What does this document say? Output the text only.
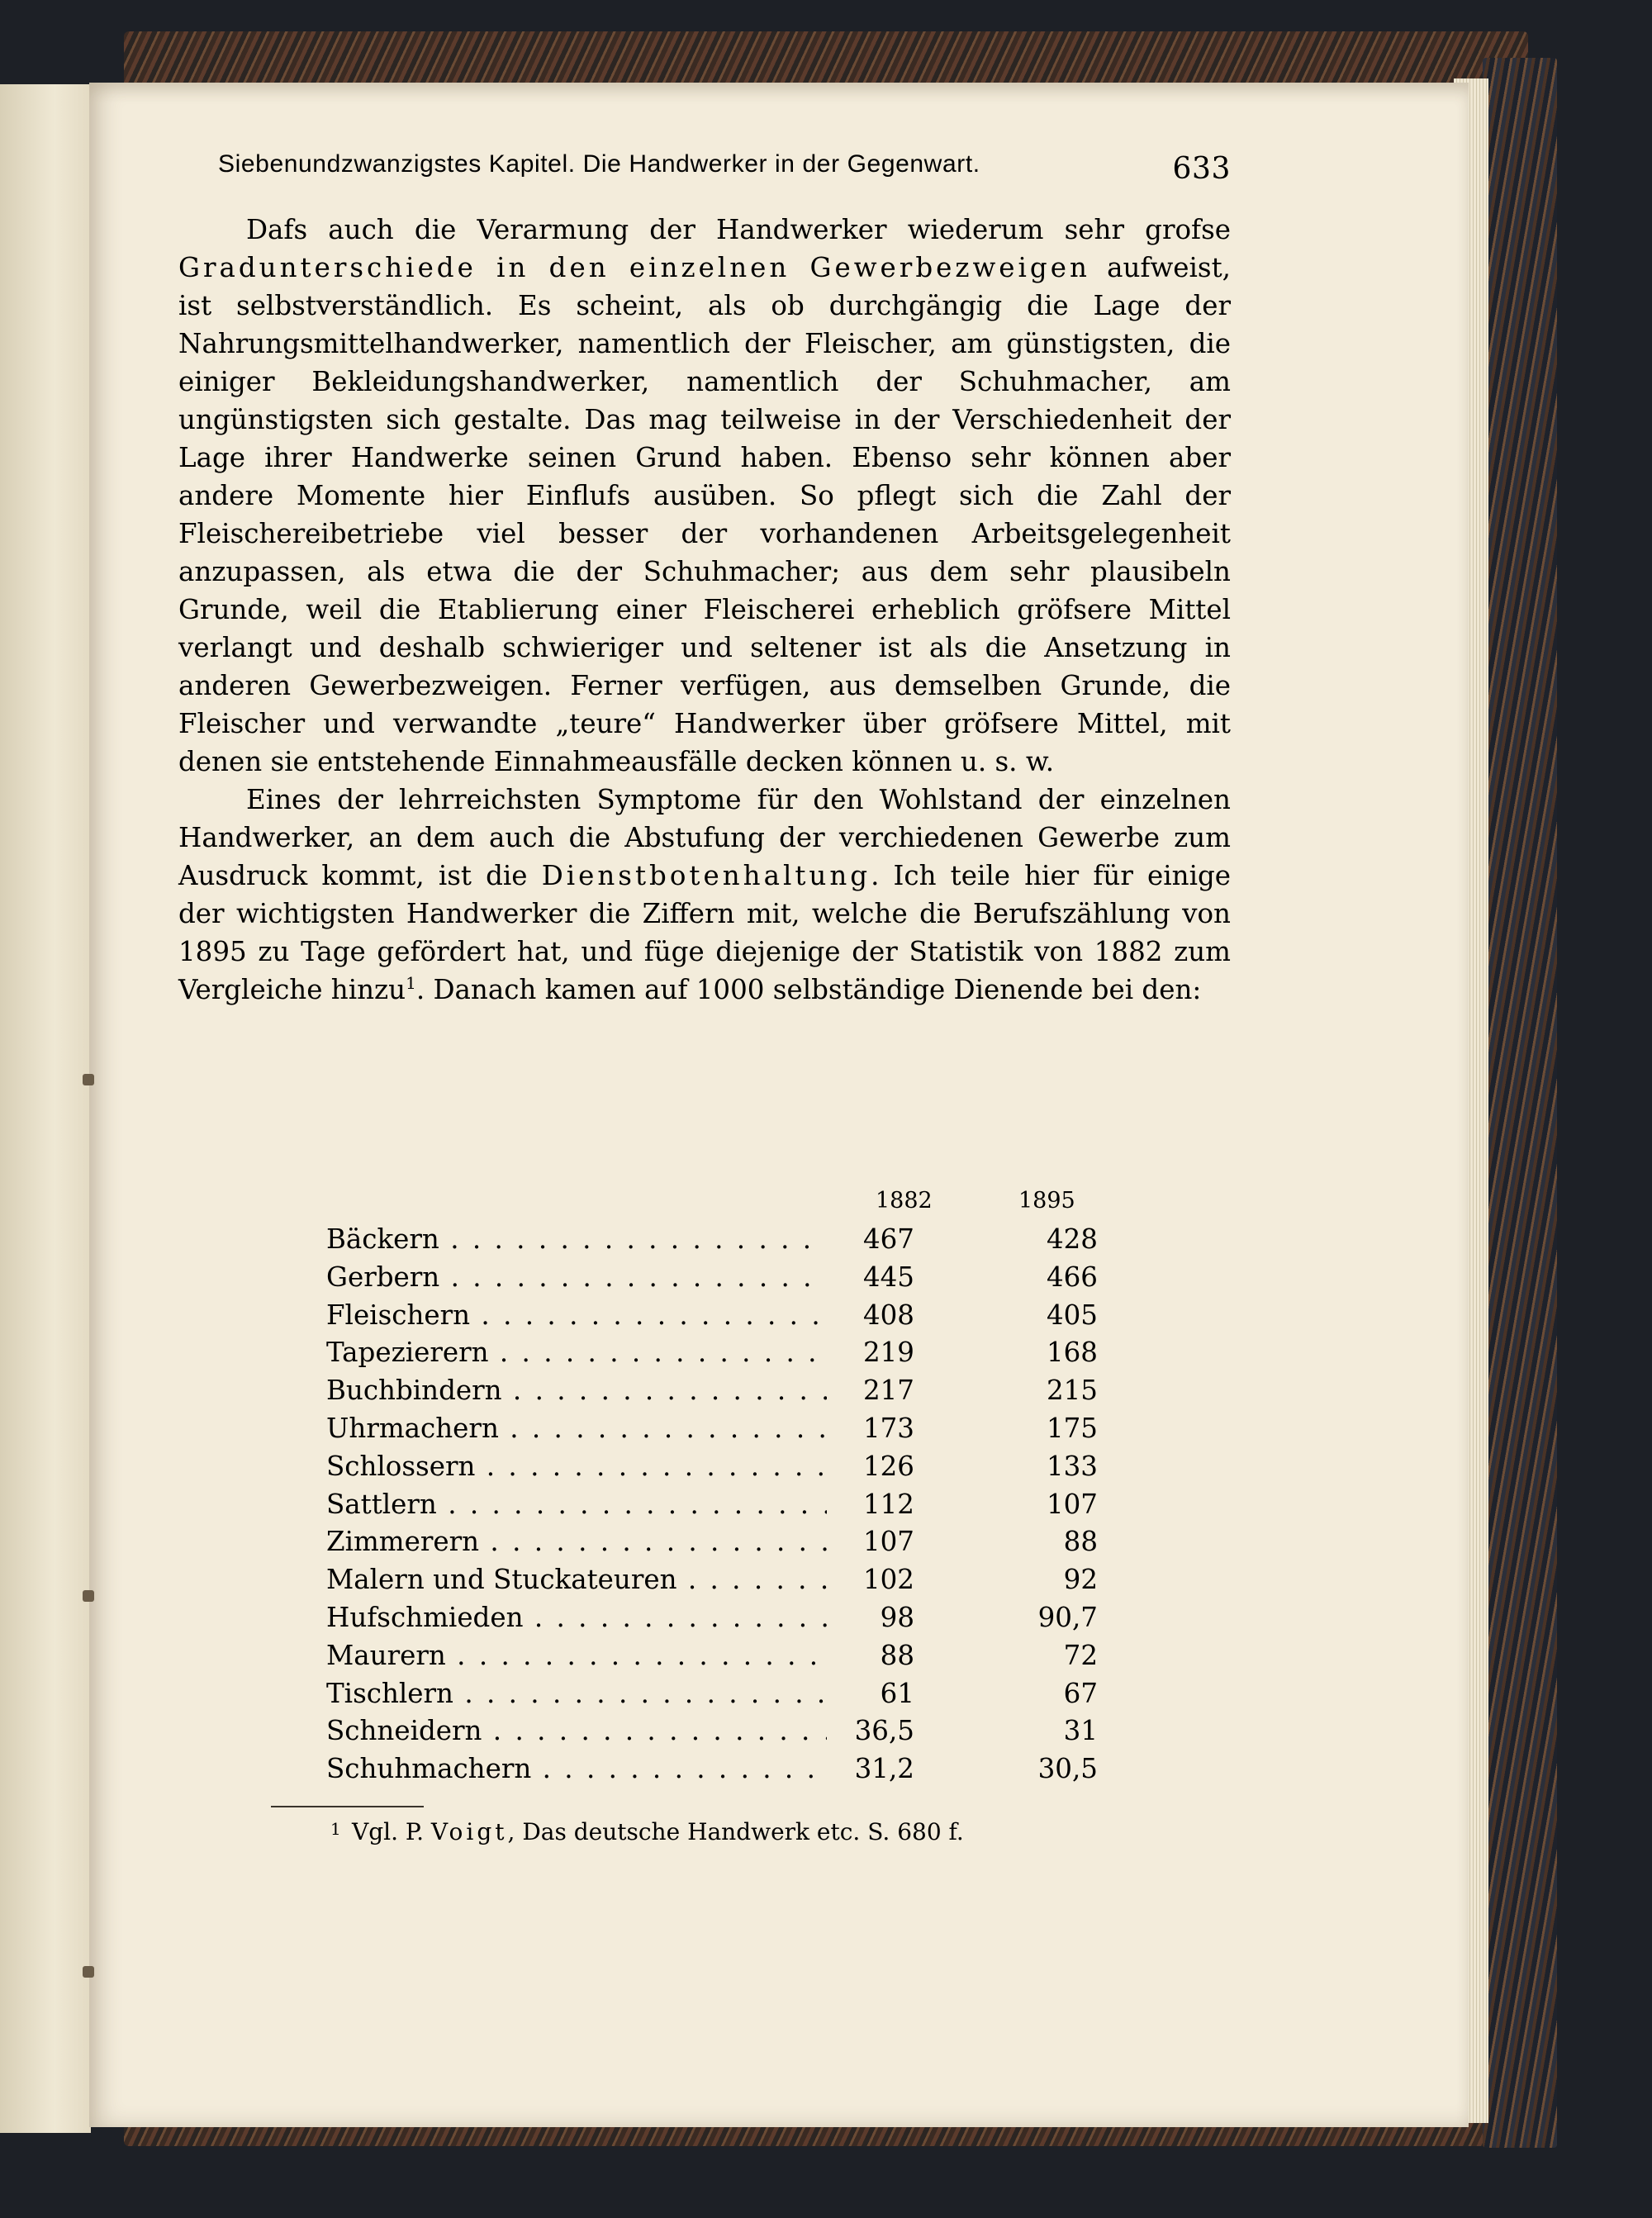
Siebenundzwanzigstes Kapitel. Die Handwerker in der Gegenwart.	633

Dafs auch die Verarmung der Handwerker wiederum sehr grofse Gradunterschiede in den einzelnen Gewerbezweigen aufweist, ist selbstverständlich. Es scheint, als ob durchgängig die Lage der Nahrungsmittelhandwerker, namentlich der Fleischer, am günstigsten, die einiger Bekleidungshandwerker, namentlich der Schuhmacher, am ungünstigsten sich gestalte. Das mag teilweise in der Verschiedenheit der Lage ihrer Handwerke seinen Grund haben. Ebenso sehr können aber andere Momente hier Einflufs ausüben. So pflegt sich die Zahl der Fleischereibetriebe viel besser der vorhandenen Arbeitsgelegenheit anzupassen, als etwa die der Schuhmacher; aus dem sehr plausibeln Grunde, weil die Etablierung einer Fleischerei erheblich gröfsere Mittel verlangt und deshalb schwieriger und seltener ist als die Ansetzung in anderen Gewerbezweigen. Ferner verfügen, aus demselben Grunde, die Fleischer und verwandte „teure“ Handwerker über gröfsere Mittel, mit denen sie entstehende Einnahmeausfälle decken können u. s. w.

Eines der lehrreichsten Symptome für den Wohlstand der einzelnen Handwerker, an dem auch die Abstufung der verchiedenen Gewerbe zum Ausdruck kommt, ist die Dienstbotenhaltung. Ich teile hier für einige der wichtigsten Handwerker die Ziffern mit, welche die Berufszählung von 1895 zu Tage gefördert hat, und füge diejenige der Statistik von 1882 zum Vergleiche hinzu$^1$. Danach kamen auf 1000 selbständige Dienende bei den:

1882	1895
Bäckern . . .	467	428
Gerbern . . .	445	466
Fleischern . . .	408	405
Tapezierern . . .	219	168
Buchbindern . . .	217	215
Uhrmachern . . .	173	175
Schlossern . . .	126	133
Sattlern . . .	112	107
Zimmerern . . .	107	88
Malern und Stuckateuren . . .	102	92
Hufschmieden . . .	98	90,7
Maurern . . .	88	72
Tischlern . . .	61	67
Schneidern . . .	36,5	31
Schuhmachern . . .	31,2	30,5
1 Vgl. P. Voigt, Das deutsche Handwerk etc. S. 680 f.
